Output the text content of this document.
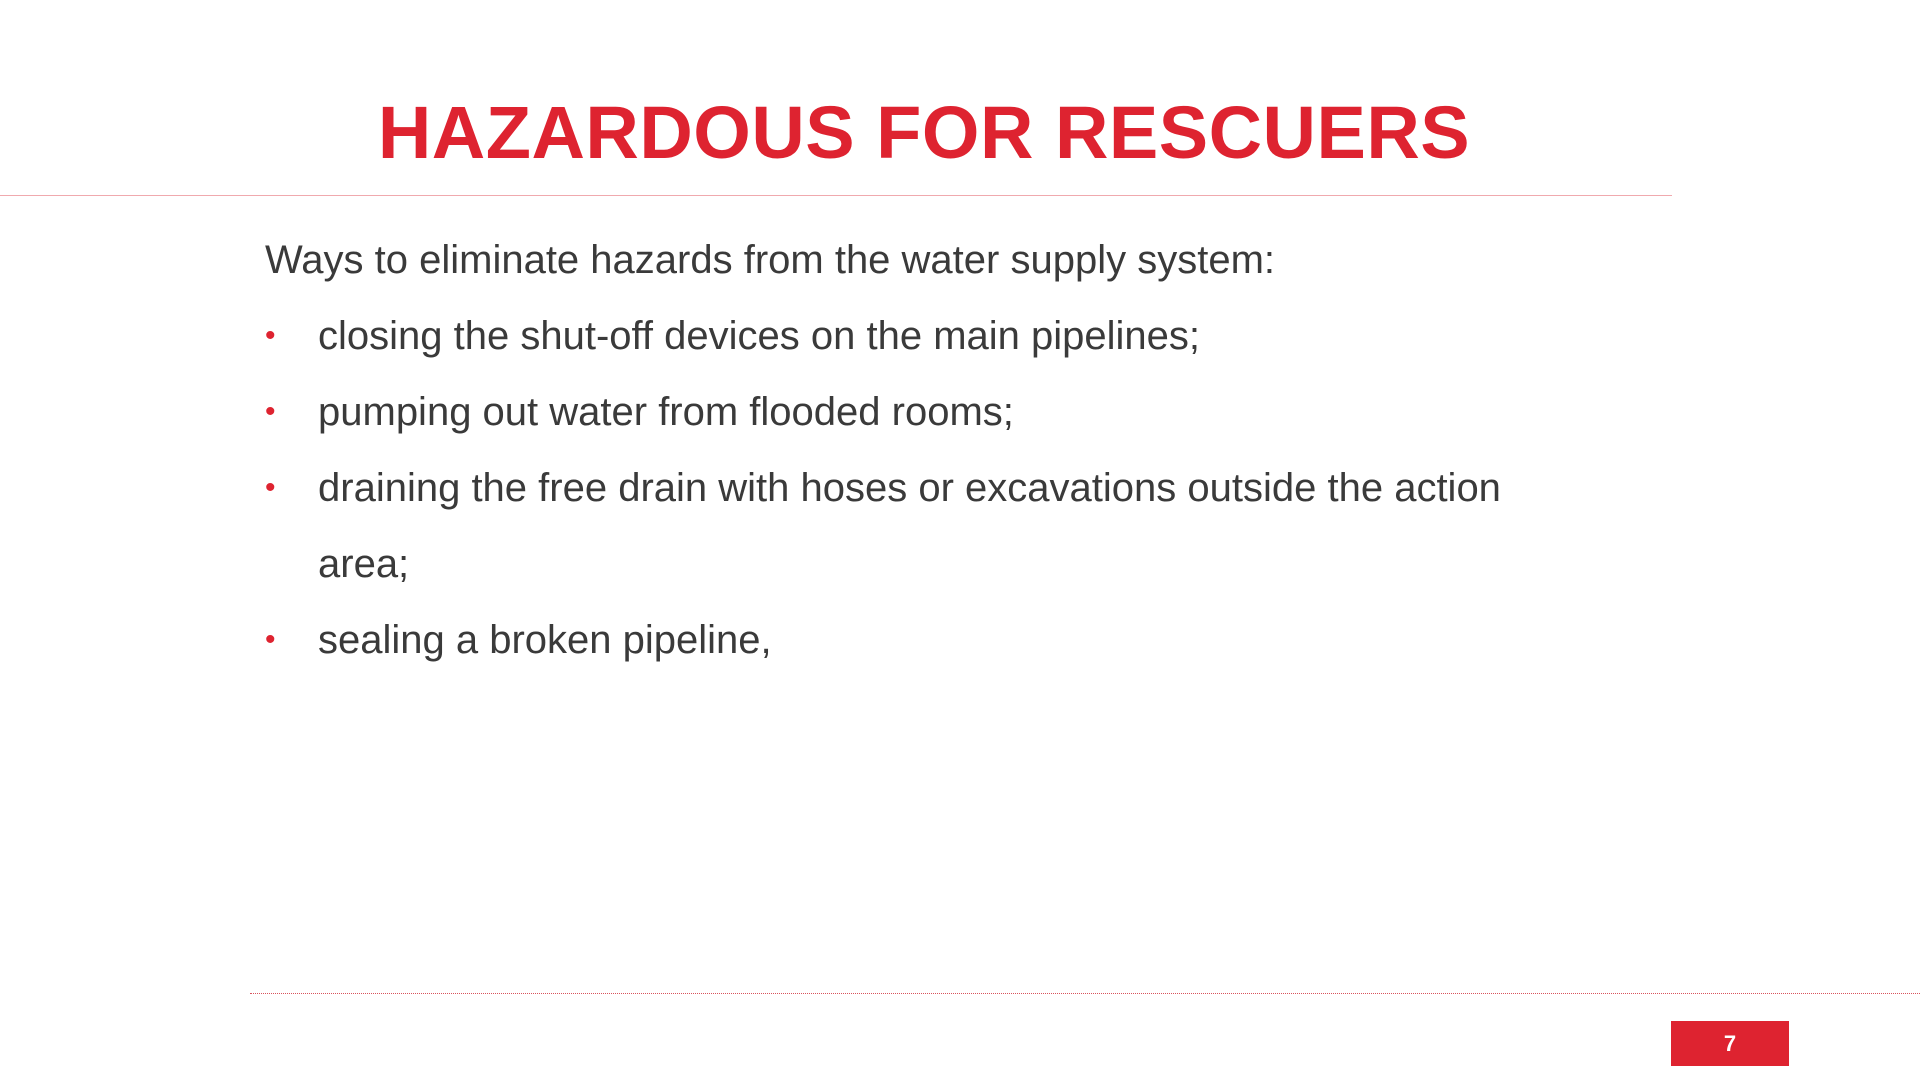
HAZARDOUS FOR RESCUERS

Ways to eliminate hazards from the water supply system:

• closing the shut-off devices on the main pipelines;
• pumping out water from flooded rooms;
• draining the free drain with hoses or excavations outside the action area;
• sealing a broken pipeline,
7
